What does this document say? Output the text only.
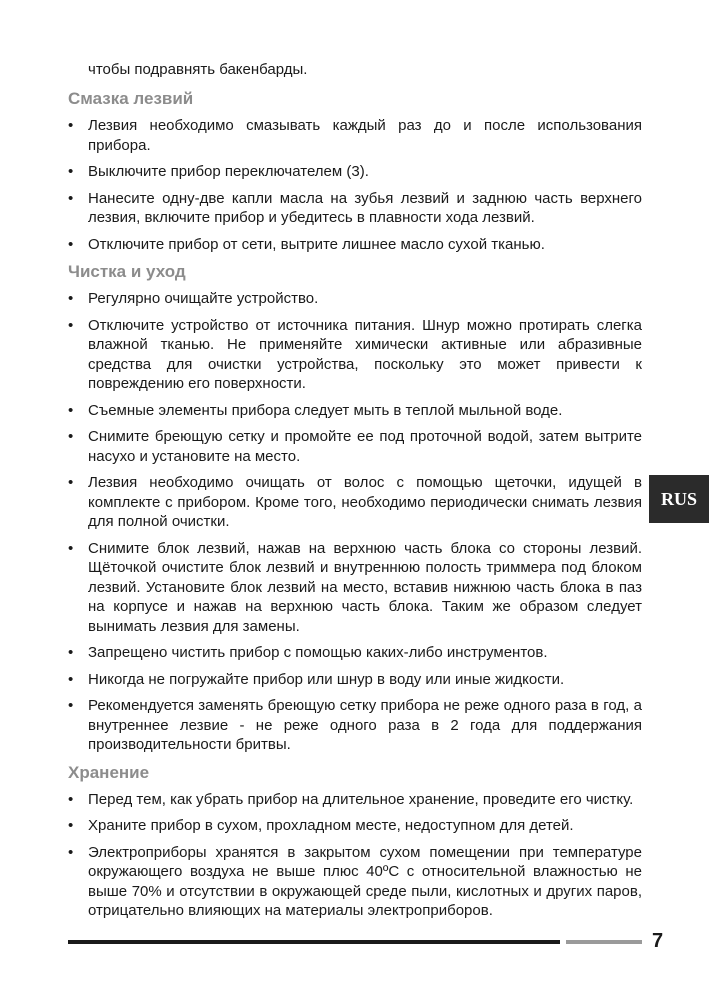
чтобы подравнять бакенбарды.

Смазка лезвий
• Лезвия необходимо смазывать каждый раз до и после использования прибора.
• Выключите прибор переключателем (3).
• Нанесите одну-две капли масла на зубья лезвий и заднюю часть верхнего лезвия, включите прибор и убедитесь в плавности хода лезвий.
• Отключите прибор от сети, вытрите лишнее масло сухой тканью.
Чистка и уход
• Регулярно очищайте устройство.
• Отключите устройство от источника питания. Шнур можно протирать слегка влажной тканью. Не применяйте химически активные или абразивные средства для очистки устройства, поскольку это может привести к повреждению его поверхности.
• Съемные элементы прибора следует мыть в теплой мыльной воде.
• Снимите бреющую сетку и промойте ее под проточной водой, затем вытрите насухо и установите на место.
• Лезвия необходимо очищать от волос с помощью щеточки, идущей в комплекте с прибором. Кроме того, необходимо периодически снимать лезвия для полной очистки.
• Снимите блок лезвий, нажав на верхнюю часть блока со стороны лезвий. Щёточкой очистите блок лезвий и внутреннюю полость триммера под блоком лезвий. Установите блок лезвий на место, вставив нижнюю часть блока в паз на корпусе и нажав на верхнюю часть блока. Таким же образом следует вынимать лезвия для замены.
• Запрещено чистить прибор с помощью каких-либо инструментов.
• Никогда не погружайте прибор или шнур в воду или иные жидкости.
• Рекомендуется заменять бреющую сетку прибора не реже одного раза в год, а внутреннее лезвие - не реже одного раза в 2 года для поддержания производительности бритвы.
Хранение
• Перед тем, как убрать прибор на длительное хранение, проведите его чистку.
• Храните прибор в сухом, прохладном месте, недоступном для детей.
• Электроприборы хранятся в закрытом сухом помещении при температуре окружающего воздуха не выше плюс 40ºС с относительной влажностью не выше 70% и отсутствии в окружающей среде пыли, кислотных и других паров, отрицательно влияющих на материалы электроприборов.
RUS
7
